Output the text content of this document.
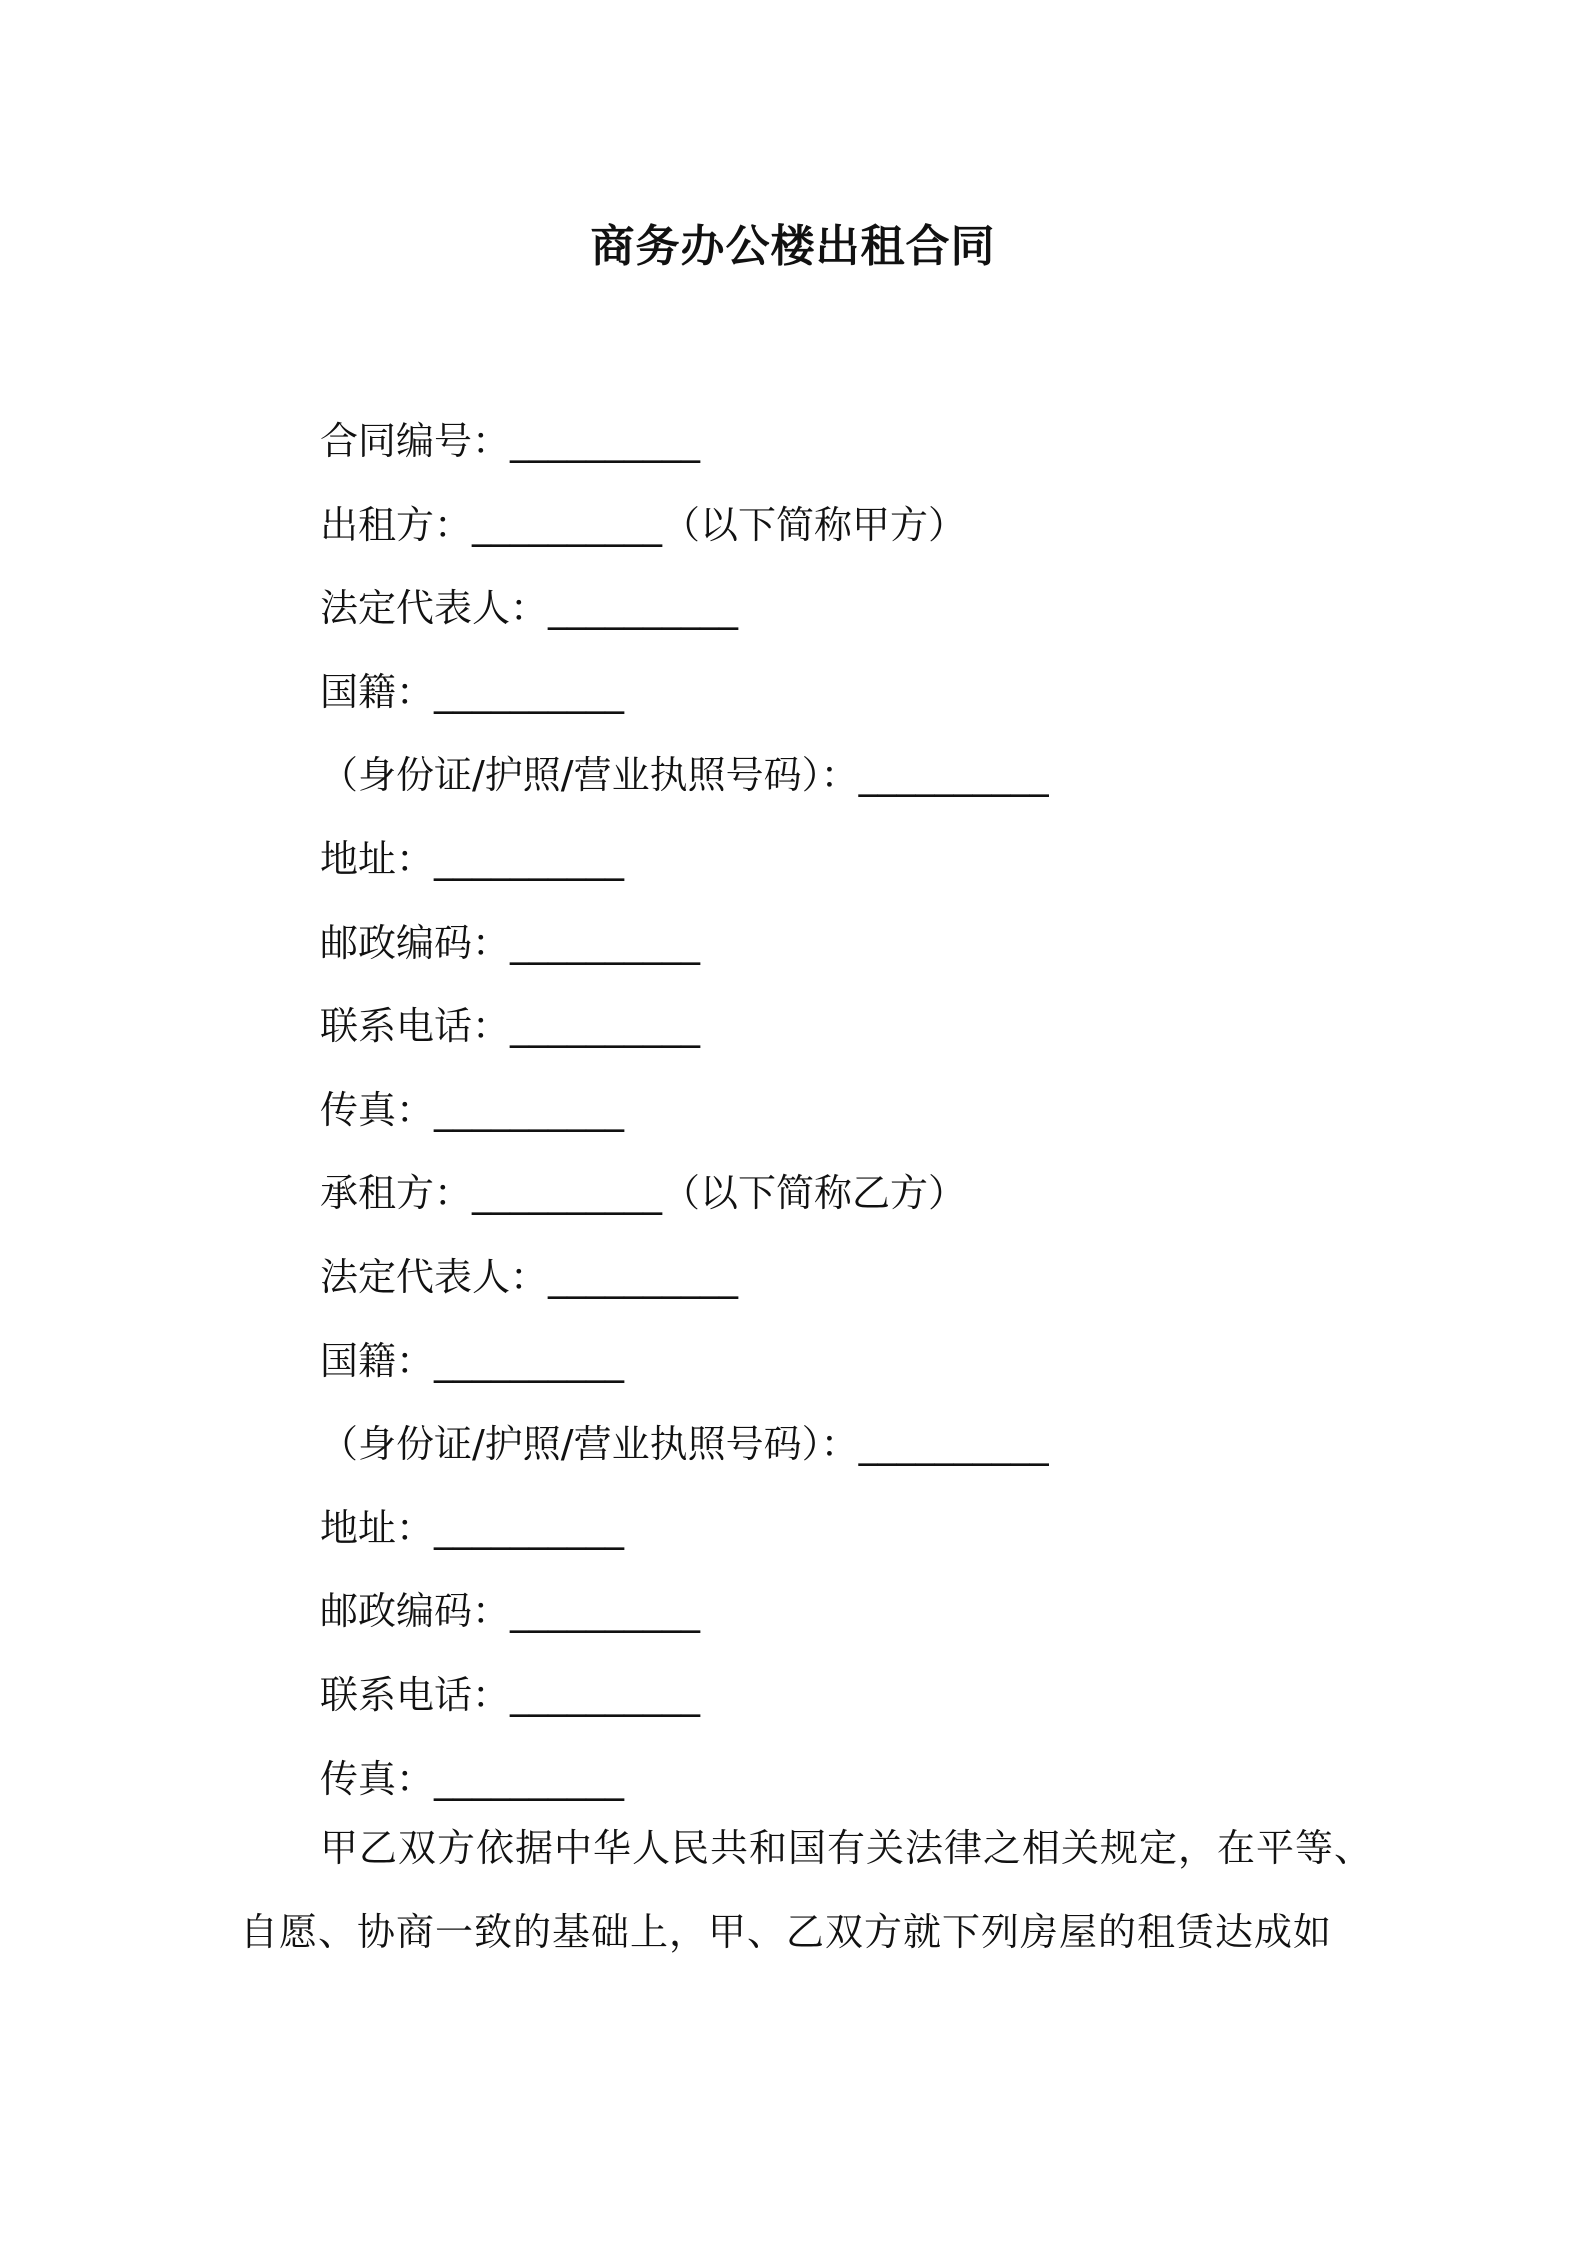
商务办公楼出租合同
合同编号：__________
出租方：__________（以下简称甲方）
法定代表人：__________
国籍：__________
（身份证/护照/营业执照号码）：__________
地址：__________
邮政编码：__________
联系电话：__________
传真：__________
承租方：__________（以下简称乙方）
法定代表人：__________
国籍：__________
（身份证/护照/营业执照号码）：__________
地址：__________
邮政编码：__________
联系电话：__________
传真：__________
甲乙双方依据中华人民共和国有关法律之相关规定，在平等、
自愿、协商一致的基础上，甲、乙双方就下列房屋的租赁达成如
